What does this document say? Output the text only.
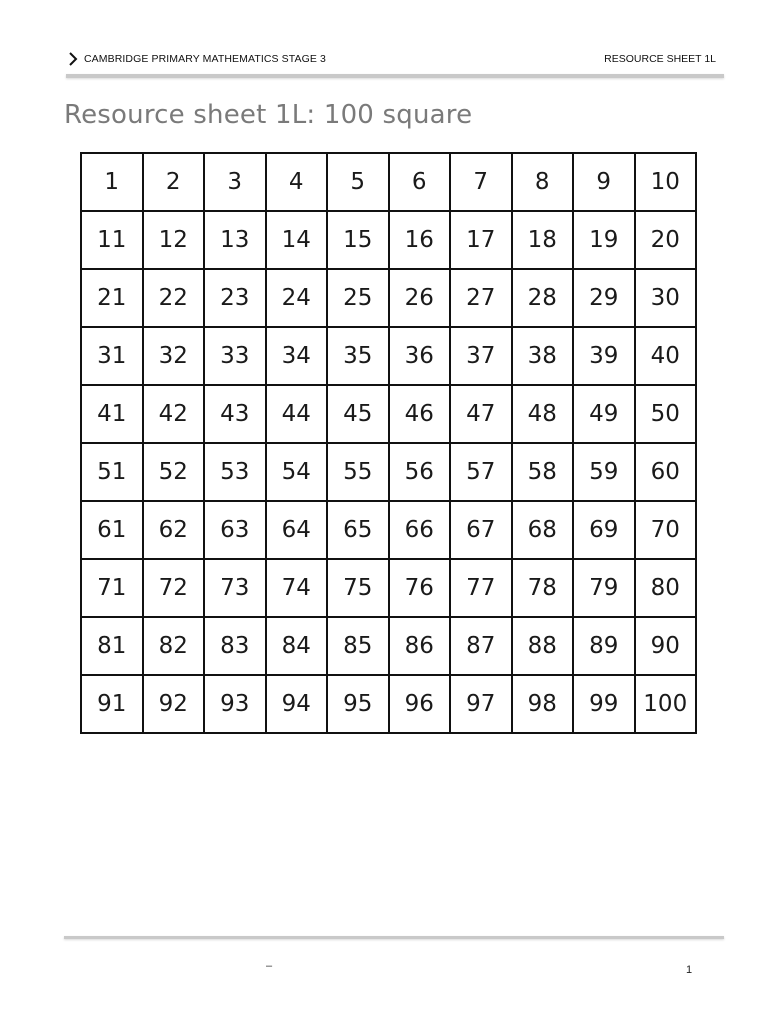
CAMBRIDGE PRIMARY MATHEMATICS STAGE 3	RESOURCE SHEET 1L
Resource sheet 1L: 100 square
1	2	3	4	5	6	7	8	9	10
11	12	13	14	15	16	17	18	19	20
21	22	23	24	25	26	27	28	29	30
31	32	33	34	35	36	37	38	39	40
41	42	43	44	45	46	47	48	49	50
51	52	53	54	55	56	57	58	59	60
61	62	63	64	65	66	67	68	69	70
71	72	73	74	75	76	77	78	79	80
81	82	83	84	85	86	87	88	89	90
91	92	93	94	95	96	97	98	99	100
–	1
